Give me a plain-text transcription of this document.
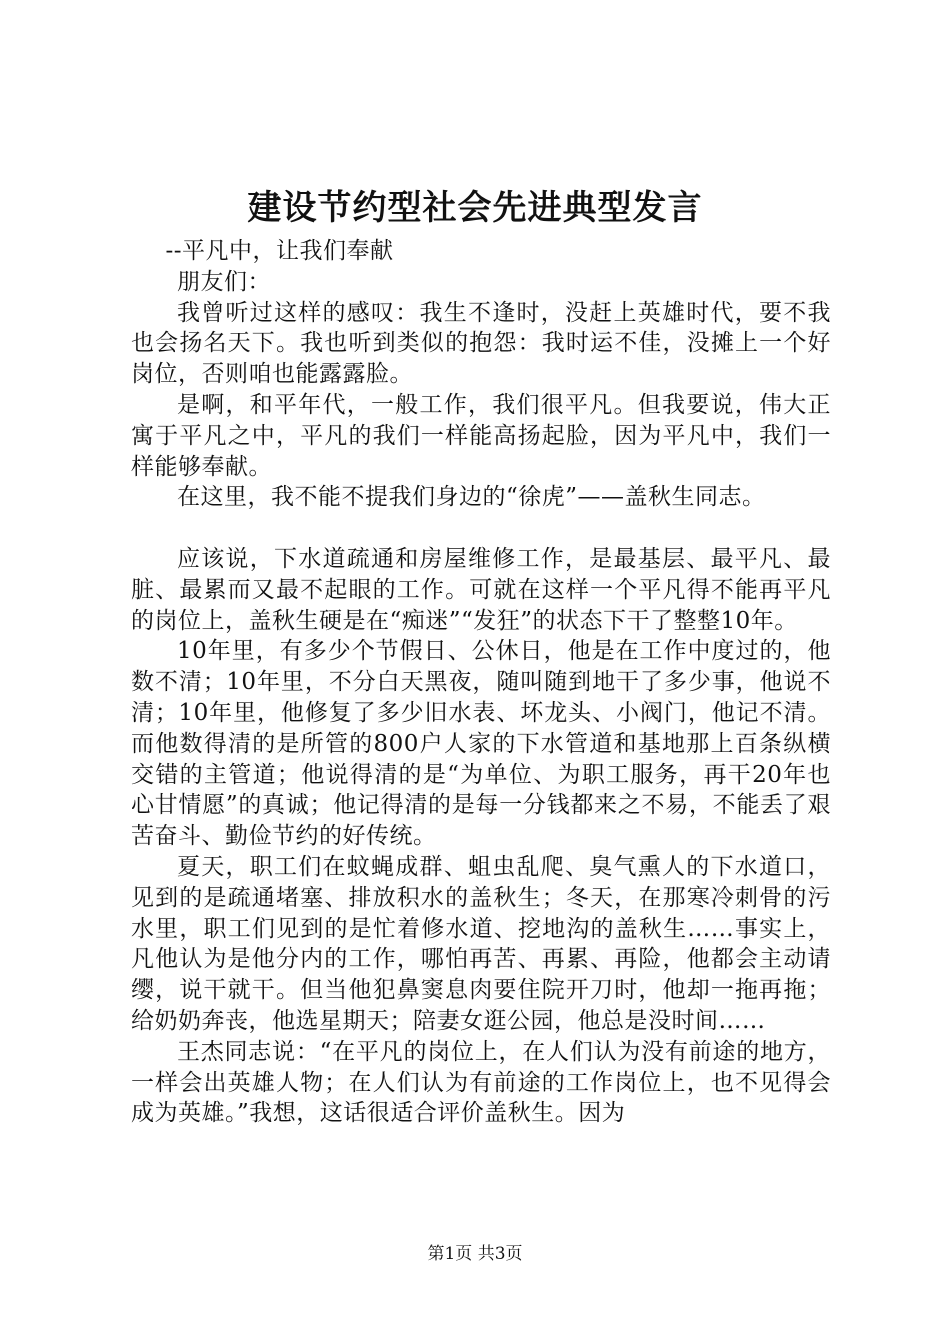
建设节约型社会先进典型发言

--平凡中，让我们奉献

朋友们：

我曾听过这样的感叹：我生不逢时，没赶上英雄时代，要不我也会扬名天下。我也听到类似的抱怨：我时运不佳，没摊上一个好岗位，否则咱也能露露脸。

是啊，和平年代，一般工作，我们很平凡。但我要说，伟大正寓于平凡之中，平凡的我们一样能高扬起脸，因为平凡中，我们一样能够奉献。

在这里，我不能不提我们身边的“徐虎”——盖秋生同志。

应该说，下水道疏通和房屋维修工作，是最基层、最平凡、最脏、最累而又最不起眼的工作。可就在这样一个平凡得不能再平凡的岗位上，盖秋生硬是在“痴迷”“发狂”的状态下干了整整10年。

10年里，有多少个节假日、公休日，他是在工作中度过的，他数不清；10年里，不分白天黑夜，随叫随到地干了多少事，他说不清；10年里，他修复了多少旧水表、坏龙头、小阀门，他记不清。而他数得清的是所管的800户人家的下水管道和基地那上百条纵横交错的主管道；他说得清的是“为单位、为职工服务，再干20年也心甘情愿”的真诚；他记得清的是每一分钱都来之不易，不能丢了艰苦奋斗、勤俭节约的好传统。

夏天，职工们在蚊蝇成群、蛆虫乱爬、臭气熏人的下水道口，见到的是疏通堵塞、排放积水的盖秋生；冬天，在那寒冷刺骨的污水里，职工们见到的是忙着修水道、挖地沟的盖秋生……事实上，凡他认为是他分内的工作，哪怕再苦、再累、再险，他都会主动请缨，说干就干。但当他犯鼻窦息肉要住院开刀时，他却一拖再拖；给奶奶奔丧，他选星期天；陪妻女逛公园，他总是没时间……

王杰同志说：“在平凡的岗位上，在人们认为没有前途的地方，一样会出英雄人物；在人们认为有前途的工作岗位上，也不见得会成为英雄。”我想，这话很适合评价盖秋生。因为

第1页 共3页
